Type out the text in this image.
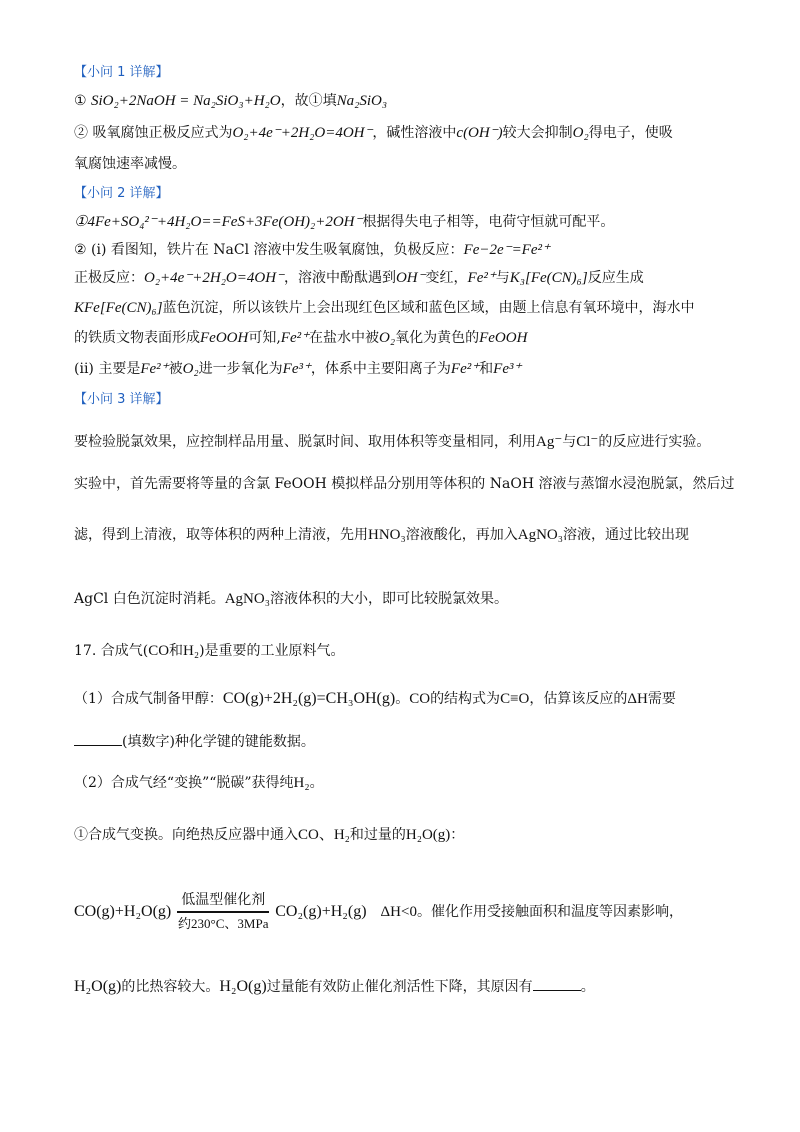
【小问 1 详解】
① SiO₂+2NaOH = Na₂SiO₃+H₂O，故①填Na₂SiO₃
② 吸氧腐蚀正极反应式为O₂+4e⁻+2H₂O=4OH⁻，碱性溶液中c(OH⁻)较大会抑制O₂得电子，使吸
氧腐蚀速率减慢。
【小问 2 详解】
①4Fe+SO₄²⁻+4H₂O==FeS+3Fe(OH)₂+2OH⁻根据得失电子相等，电荷守恒就可配平。
② (i) 看图知，铁片在 NaCl 溶液中发生吸氧腐蚀，负极反应：Fe−2e⁻=Fe²⁺
正极反应：O₂+4e⁻+2H₂O=4OH⁻，溶液中酚酞遇到OH⁻变红，Fe²⁺与K₃[Fe(CN)₆]反应生成
KFe[Fe(CN)₆]蓝色沉淀，所以该铁片上会出现红色区域和蓝色区域，由题上信息有氧环境中，海水中
的铁质文物表面形成FeOOH可知,Fe²⁺在盐水中被O₂氧化为黄色的FeOOH
(ii) 主要是Fe²⁺被O₂进一步氧化为Fe³⁺，体系中主要阳离子为Fe²⁺和Fe³⁺
【小问 3 详解】
要检验脱氯效果，应控制样品用量、脱氯时间、取用体积等变量相同，利用Ag⁻与Cl⁻的反应进行实验。
实验中，首先需要将等量的含氯 FeOOH 模拟样品分别用等体积的 NaOH 溶液与蒸馏水浸泡脱氯，然后过
滤，得到上清液，取等体积的两种上清液，先用HNO₃溶液酸化，再加入AgNO₃溶液，通过比较出现
AgCl 白色沉淀时消耗。AgNO₃溶液体积的大小，即可比较脱氯效果。
17. 合成气(CO和H₂)是重要的工业原料气。
（1）合成气制备甲醇：CO(g)+2H₂(g)=CH₃OH(g)。CO的结构式为C≡O，估算该反应的ΔH需要
(填数字)种化学键的键能数据。
（2）合成气经“变换”“脱碳”获得纯H₂。
①合成气变换。向绝热反应器中通入CO、H₂和过量的H₂O(g)：
$CO(g)+H_2O(g) \frac{\text{低温型催化剂}}{\text{约230°C、3MPa}} CO_2(g)+H_2(g)$ ΔH<0。催化作用受接触面积和温度等因素影响，
H₂O(g)的比热容较大。H₂O(g)过量能有效防止催化剂活性下降，其原因有	。
